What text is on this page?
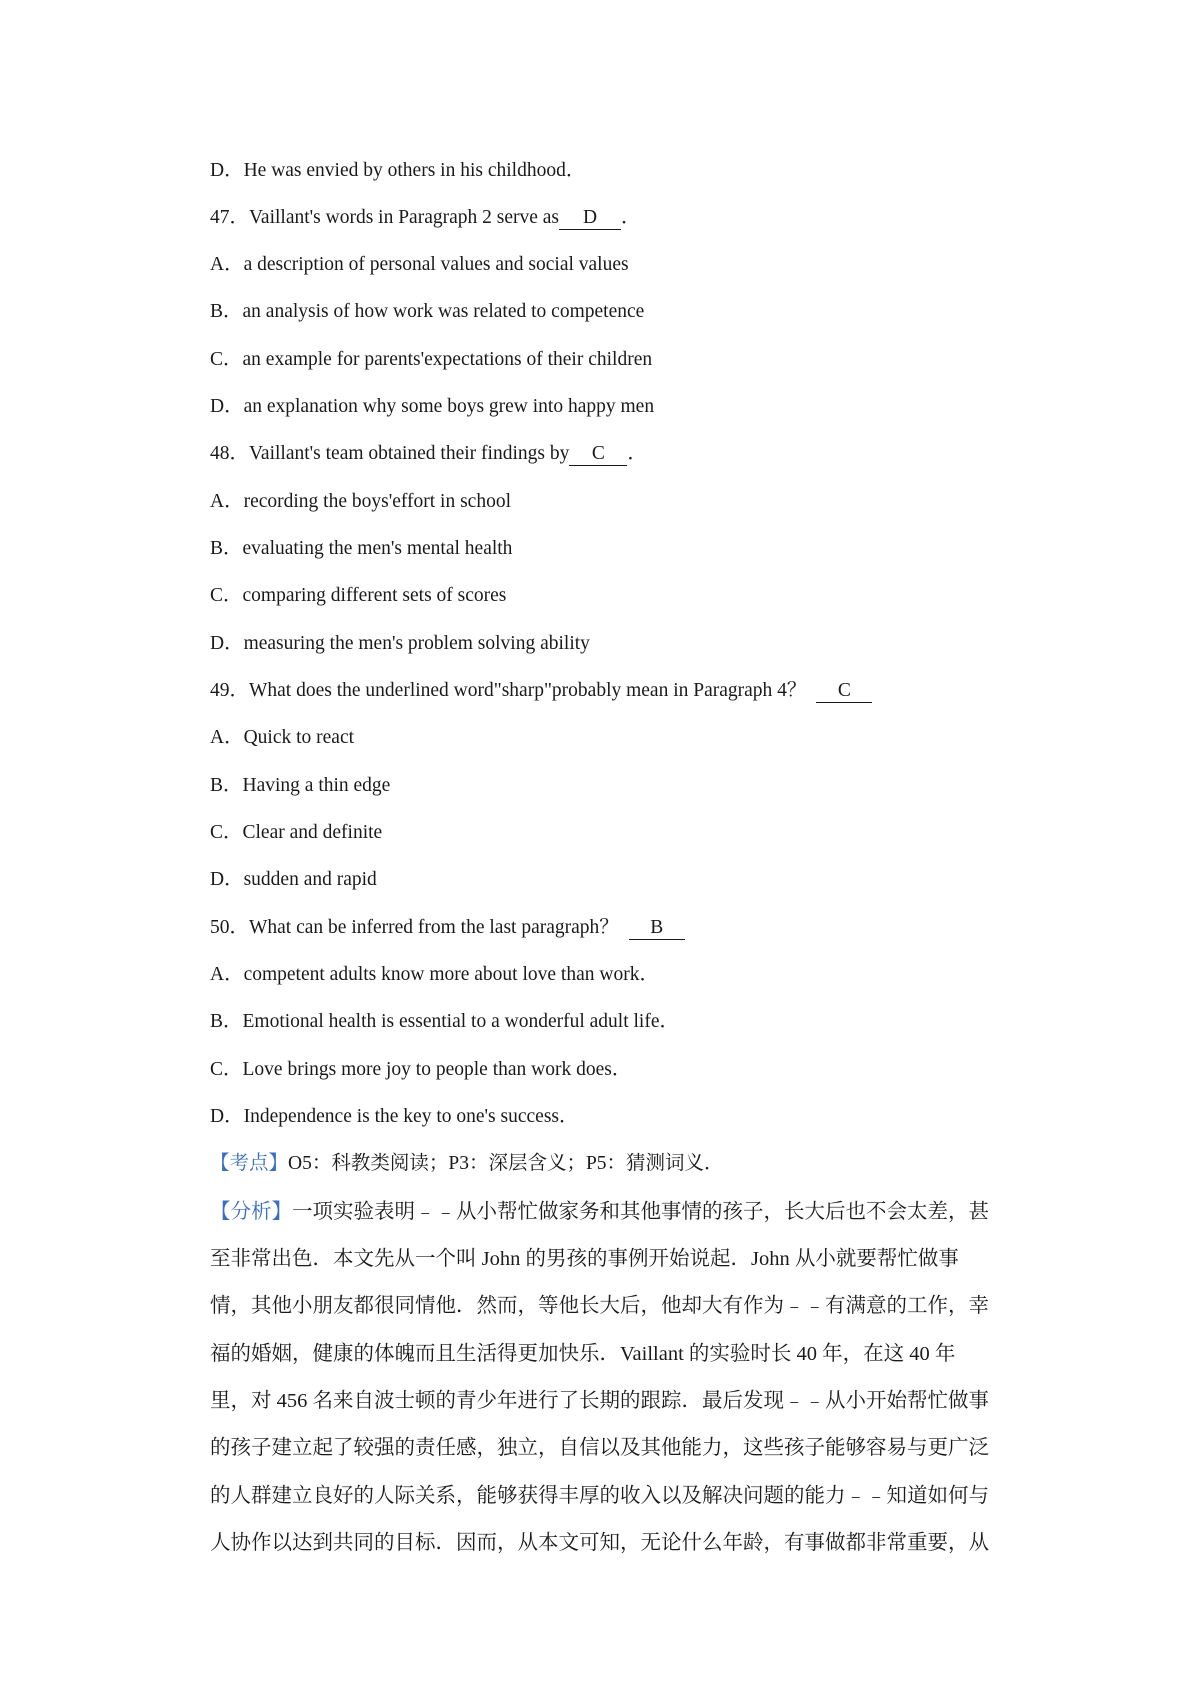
D．He was envied by others in his childhood．

47．Vaillant's words in Paragraph 2 serve as D ．

A．a description of personal values and social values

B．an analysis of how work was related to competence

C．an example for parents'expectations of their children

D．an explanation why some boys grew into happy men

48．Vaillant's team obtained their findings by C ．

A．recording the boys'effort in school

B．evaluating the men's mental health

C．comparing different sets of scores

D．measuring the men's problem solving ability

49．What does the underlined word"sharp"probably mean in Paragraph 4？ C

A．Quick to react

B．Having a thin edge

C．Clear and definite

D．sudden and rapid

50．What can be inferred from the last paragraph？ B

A．competent adults know more about love than work．

B．Emotional health is essential to a wonderful adult life．

C．Love brings more joy to people than work does．

D．Independence is the key to one's success．

【考点】O5：科教类阅读；P3：深层含义；P5：猜测词义．

【分析】一项实验表明﹣﹣从小帮忙做家务和其他事情的孩子，长大后也不会太差，甚

至非常出色．本文先从一个叫 John 的男孩的事例开始说起．John 从小就要帮忙做事

情，其他小朋友都很同情他．然而，等他长大后，他却大有作为﹣﹣有满意的工作，幸

福的婚姻，健康的体魄而且生活得更加快乐．Vaillant 的实验时长 40 年，在这 40 年

里，对 456 名来自波士顿的青少年进行了长期的跟踪．最后发现﹣﹣从小开始帮忙做事

的孩子建立起了较强的责任感，独立，自信以及其他能力，这些孩子能够容易与更广泛

的人群建立良好的人际关系，能够获得丰厚的收入以及解决问题的能力﹣﹣知道如何与

人协作以达到共同的目标．因而，从本文可知，无论什么年龄，有事做都非常重要，从
